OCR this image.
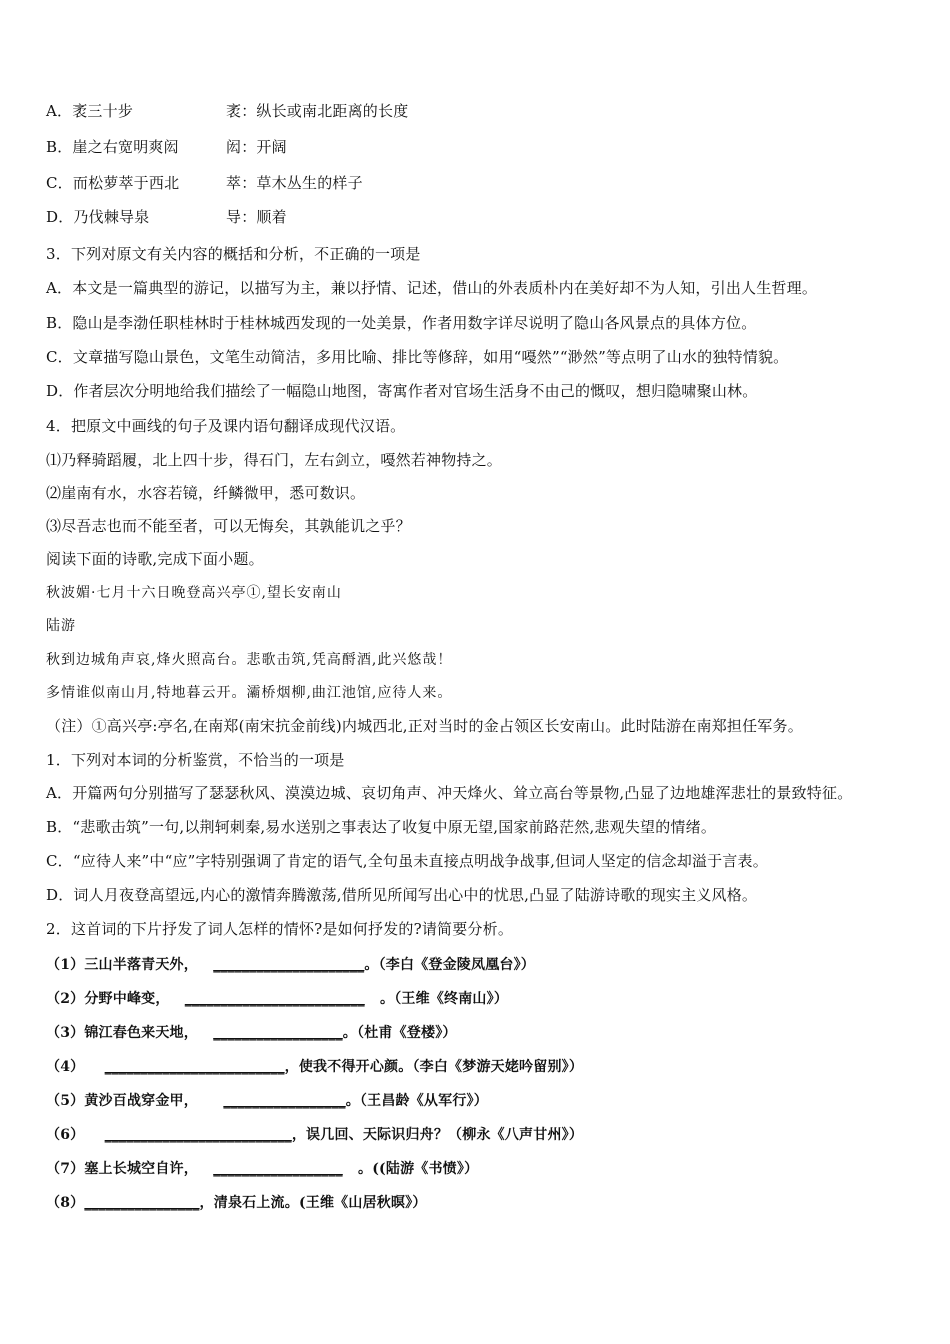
A．袤三十步	袤：纵长或南北距离的长度
B．崖之右宽明爽闳	闳：开阔
C．而松萝萃于西北	萃：草木丛生的样子
D．乃伐棘导泉	导：顺着
3．下列对原文有关内容的概括和分析，不正确的一项是
A．本文是一篇典型的游记，以描写为主，兼以抒情、记述，借山的外表质朴内在美好却不为人知，引出人生哲理。
B．隐山是李渤任职桂林时于桂林城西发现的一处美景，作者用数字详尽说明了隐山各风景点的具体方位。
C．文章描写隐山景色，文笔生动简洁，多用比喻、排比等修辞，如用“嘠然”“渺然”等点明了山水的独特情貌。
D．作者层次分明地给我们描绘了一幅隐山地图，寄寓作者对官场生活身不由己的慨叹，想归隐啸聚山林。
4．把原文中画线的句子及课内语句翻译成现代汉语。
⑴乃释骑蹈履，北上四十步，得石门，左右剑立，嘠然若神物持之。
⑵崖南有水，水容若镜，纤鳞微甲，悉可数识。
⑶尽吾志也而不能至者，可以无悔矣，其孰能讥之乎？
阅读下面的诗歌,完成下面小题。
秋波媚·七月十六日晚登高兴亭①,望长安南山
陆游
秋到边城角声哀,烽火照高台。悲歌击筑,凭高酹酒,此兴悠哉！
多情谁似南山月,特地暮云开。灞桥烟柳,曲江池馆,应待人来。
（注）①高兴亭:亭名,在南郑(南宋抗金前线)内城西北,正对当时的金占领区长安南山。此时陆游在南郑担任军务。
1．下列对本词的分析鉴赏，不恰当的一项是
A．开篇两句分别描写了瑟瑟秋风、漠漠边城、哀切角声、冲天烽火、耸立高台等景物,凸显了边地雄浑悲壮的景致特征。
B．“悲歌击筑”一句,以荆轲刺秦,易水送别之事表达了收复中原无望,国家前路茫然,悲观失望的情绪。
C．“应待人来”中“应”字特别强调了肯定的语气,全句虽未直接点明战争战事,但词人坚定的信念却溢于言表。
D．词人月夜登高望远,内心的激情奔腾激荡,借所见所闻写出心中的忧思,凸显了陆游诗歌的现实主义风格。
2．这首词的下片抒发了词人怎样的情怀?是如何抒发的?请简要分析。
（1）三山半落青天外， _____________________。（李白《登金陵凤凰台》）
（2）分野中峰变， _________________________ 。（王维《终南山》）
（3）锦江春色来天地， __________________。（杜甫《登楼》）
（4） _________________________，使我不得开心颜。（李白《梦游天姥吟留别》）
（5）黄沙百战穿金甲， _________________。（王昌龄《从军行》）
（6） __________________________，误几回、天际识归舟？（柳永《八声甘州》）
（7）塞上长城空自许， __________________ 。((陆游《书愤》）
（8）________________，清泉石上流。(王维《山居秋暝》）
